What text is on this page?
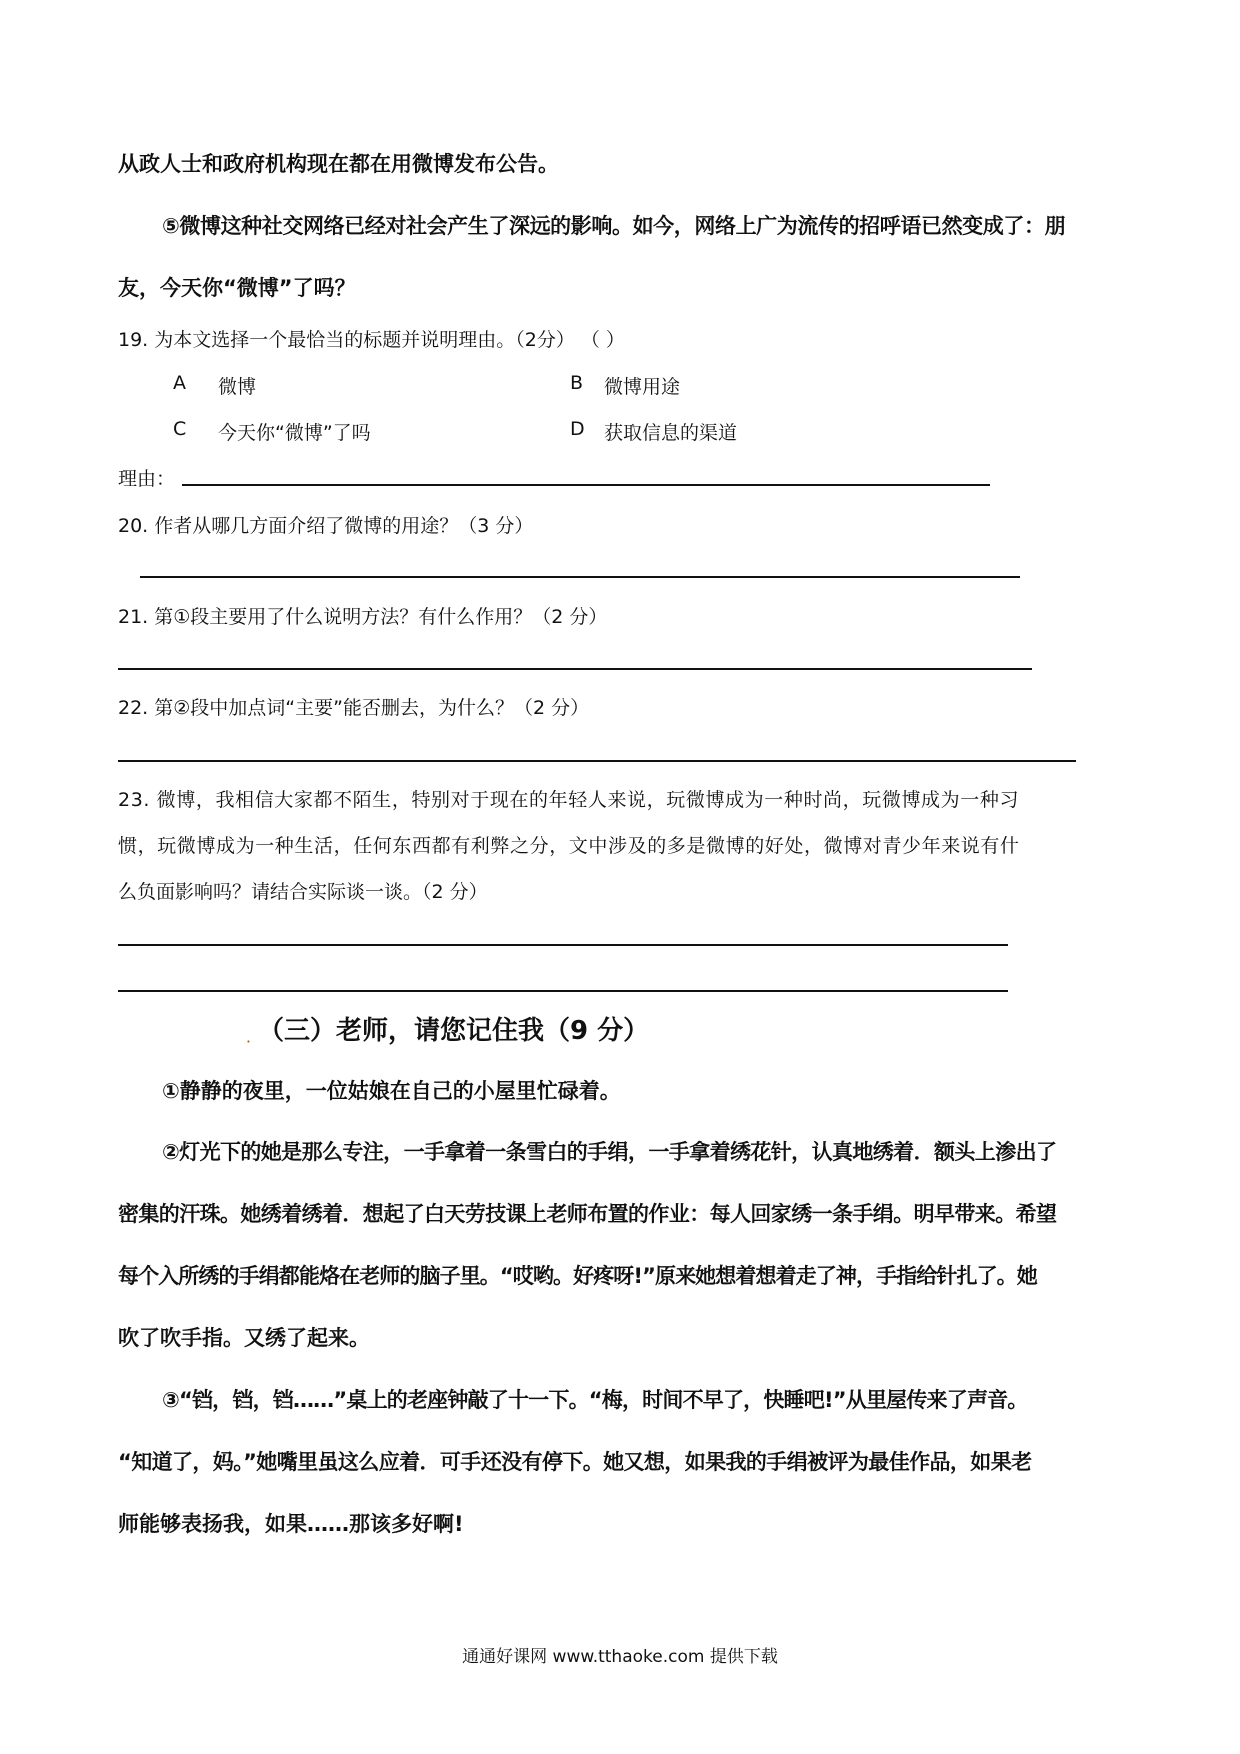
从政人士和政府机构现在都在用微博发布公告。
⑤微博这种社交网络已经对社会产生了深远的影响。如今，网络上广为流传的招呼语已然变成了：朋
友，今天你“微博”了吗？
19. 为本文选择一个最恰当的标题并说明理由。（2分） （ ）
A 微博	B 微博用途
C 今天你“微博”了吗	D 获取信息的渠道
理由：
20. 作者从哪几方面介绍了微博的用途？（3 分）
21. 第①段主要用了什么说明方法？有什么作用？（2 分）
22. 第②段中加点词“主要”能否删去，为什么？（2 分）
23. 微博，我相信大家都不陌生，特别对于现在的年轻人来说，玩微博成为一种时尚，玩微博成为一种习
惯，玩微博成为一种生活，任何东西都有利弊之分，文中涉及的多是微博的好处，微博对青少年来说有什
么负面影响吗？请结合实际谈一谈。（2 分）
．
（三）老师，请您记住我（9 分）
①静静的夜里，一位姑娘在自己的小屋里忙碌着。
②灯光下的她是那么专注，一手拿着一条雪白的手绢，一手拿着绣花针，认真地绣着．额头上渗出了
密集的汗珠。她绣着绣着．想起了白天劳技课上老师布置的作业：每人回家绣一条手绢。明早带来。希望
每个入所绣的手绢都能烙在老师的脑子里。“哎哟。好疼呀!”原来她想着想着走了神，手指给针扎了。她
吹了吹手指。又绣了起来。
③“铛，铛，铛……”桌上的老座钟敲了十一下。“梅，时间不早了，快睡吧!”从里屋传来了声音。
“知道了，妈。”她嘴里虽这么应着．可手还没有停下。她又想，如果我的手绢被评为最佳作品，如果老
师能够表扬我，如果……那该多好啊!
通通好课网 www.tthaoke.com 提供下载
